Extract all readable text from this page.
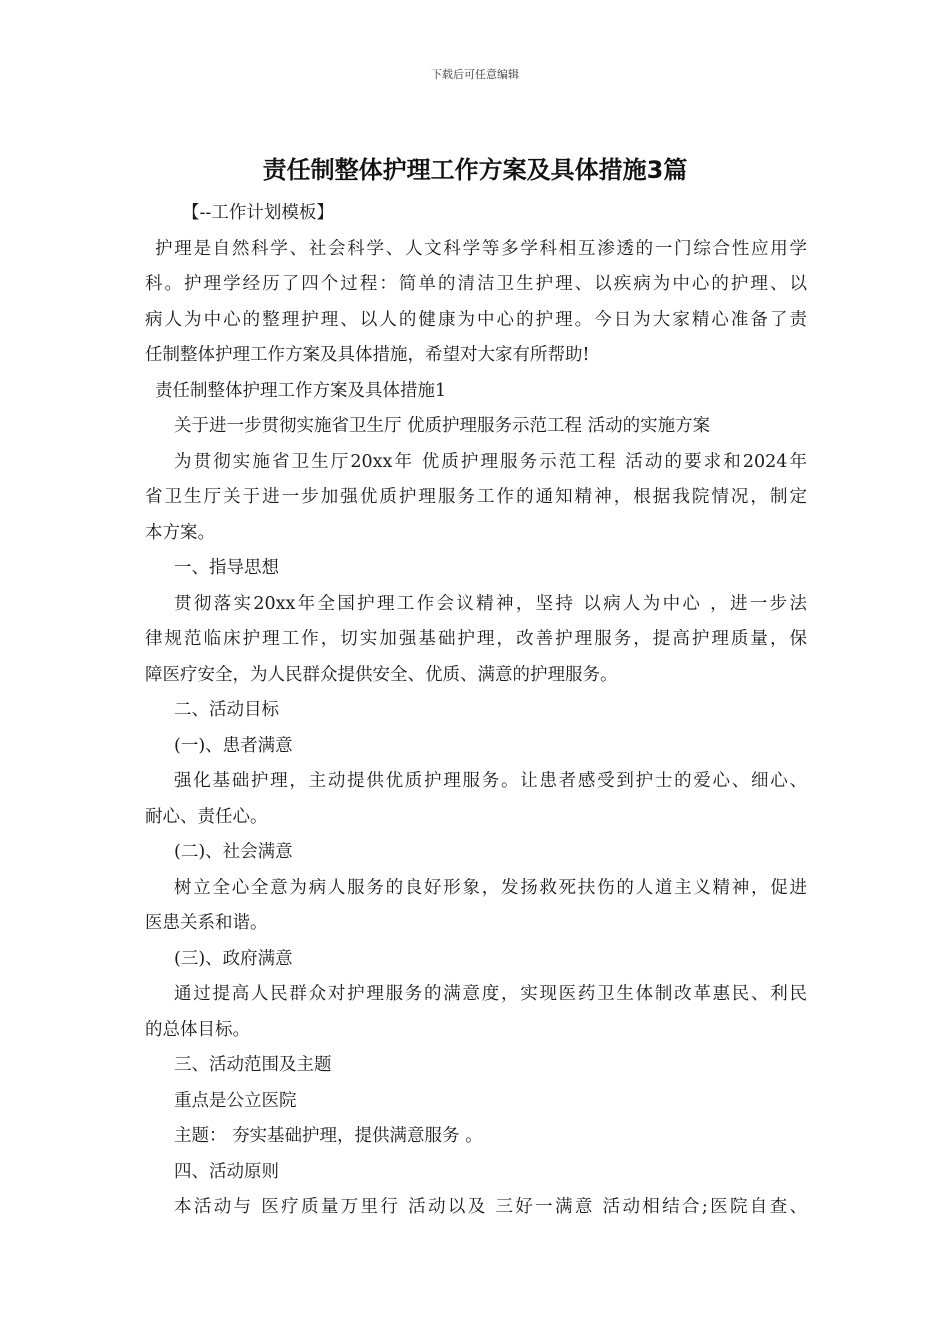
下载后可任意编辑
责任制整体护理工作方案及具体措施3篇
【--工作计划模板】
护理是自然科学、社会科学、人文科学等多学科相互渗透的一门综合性应用学
科。护理学经历了四个过程：简单的清洁卫生护理、以疾病为中心的护理、以
病人为中心的整理护理、以人的健康为中心的护理。今日为大家精心准备了责
任制整体护理工作方案及具体措施，希望对大家有所帮助!
责任制整体护理工作方案及具体措施1
关于进一步贯彻实施省卫生厅 优质护理服务示范工程 活动的实施方案
为贯彻实施省卫生厅20xx年 优质护理服务示范工程 活动的要求和2024年
省卫生厅关于进一步加强优质护理服务工作的通知精神，根据我院情况，制定
本方案。
一、指导思想
贯彻落实20xx年全国护理工作会议精神，坚持 以病人为中心 ，进一步法
律规范临床护理工作，切实加强基础护理，改善护理服务，提高护理质量，保
障医疗安全，为人民群众提供安全、优质、满意的护理服务。
二、活动目标
(一)、患者满意
强化基础护理，主动提供优质护理服务。让患者感受到护士的爱心、细心、
耐心、责任心。
(二)、社会满意
树立全心全意为病人服务的良好形象，发扬救死扶伤的人道主义精神，促进
医患关系和谐。
(三)、政府满意
通过提高人民群众对护理服务的满意度，实现医药卫生体制改革惠民、利民
的总体目标。
三、活动范围及主题
重点是公立医院
主题： 夯实基础护理，提供满意服务 。
四、活动原则
本活动与 医疗质量万里行 活动以及 三好一满意 活动相结合;医院自查、
